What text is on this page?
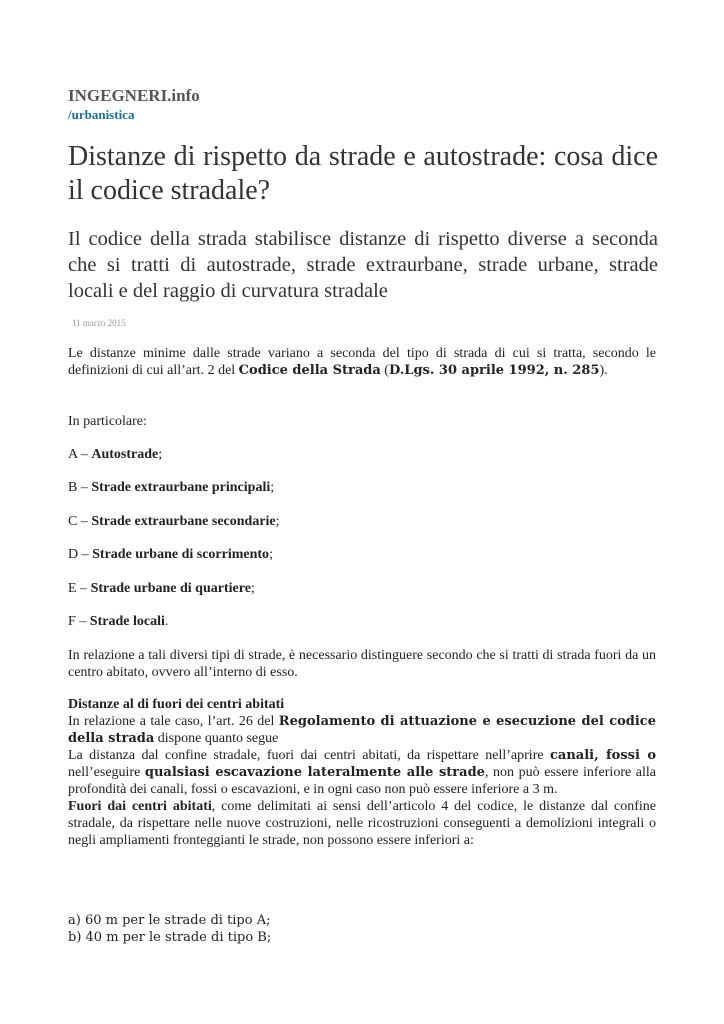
INGEGNERI.info
/urbanistica
Distanze di rispetto da strade e autostrade: cosa dice il codice stradale?

Il codice della strada stabilisce distanze di rispetto diverse a seconda che si tratti di autostrade, strade extraurbane, strade urbane, strade locali e del raggio di curvatura stradale

11 marzo 2015

Le distanze minime dalle strade variano a seconda del tipo di strada di cui si tratta, secondo le definizioni di cui all’art. 2 del Codice della Strada (D.Lgs. 30 aprile 1992, n. 285).

In particolare:

A – Autostrade;

B – Strade extraurbane principali;

C – Strade extraurbane secondarie;

D – Strade urbane di scorrimento;

E – Strade urbane di quartiere;

F – Strade locali.

In relazione a tali diversi tipi di strade, è necessario distinguere secondo che si tratti di strada fuori da un centro abitato, ovvero all’interno di esso.

Distanze al di fuori dei centri abitati

In relazione a tale caso, l’art. 26 del Regolamento di attuazione e esecuzione del codice della strada dispone quanto segue

La distanza dal confine stradale, fuori dai centri abitati, da rispettare nell’aprire canali, fossi o nell’eseguire qualsiasi escavazione lateralmente alle strade, non può essere inferiore alla profondità dei canali, fossi o escavazioni, e in ogni caso non può essere inferiore a 3 m.

Fuori dai centri abitati, come delimitati ai sensi dell’articolo 4 del codice, le distanze dal confine stradale, da rispettare nelle nuove costruzioni, nelle ricostruzioni conseguenti a demolizioni integrali o negli ampliamenti fronteggianti le strade, non possono essere inferiori a:

a) 60 m per le strade di tipo A;
b) 40 m per le strade di tipo B;
